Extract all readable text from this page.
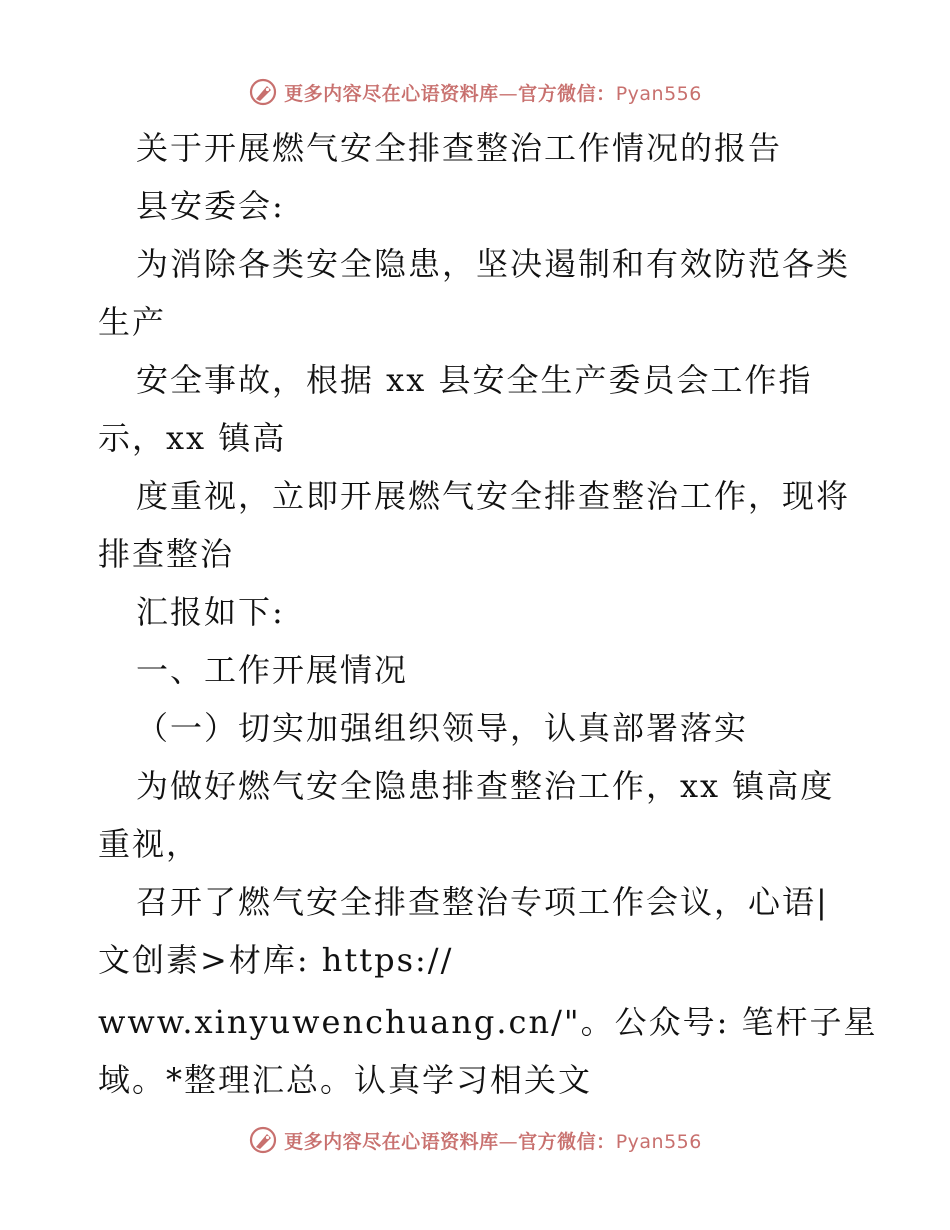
更多内容尽在心语资料库—官方微信：Pyan556
关于开展燃气安全排查整治工作情况的报告
县安委会:
为消除各类安全隐患，坚决遏制和有效防范各类
生产
安全事故，根据 xx 县安全生产委员会工作指
示，xx 镇高
度重视，立即开展燃气安全排查整治工作，现将
排查整治
汇报如下:
一、工作开展情况
（一）切实加强组织领导，认真部署落实
为做好燃气安全隐患排查整治工作，xx 镇高度
重视，
召开了燃气安全排查整治专项工作会议，心语|
文创素>材库: https://
www.xinyuwenchuang.cn/"。公众号: 笔杆子星
域。*整理汇总。认真学习相关文
更多内容尽在心语资料库—官方微信：Pyan556
